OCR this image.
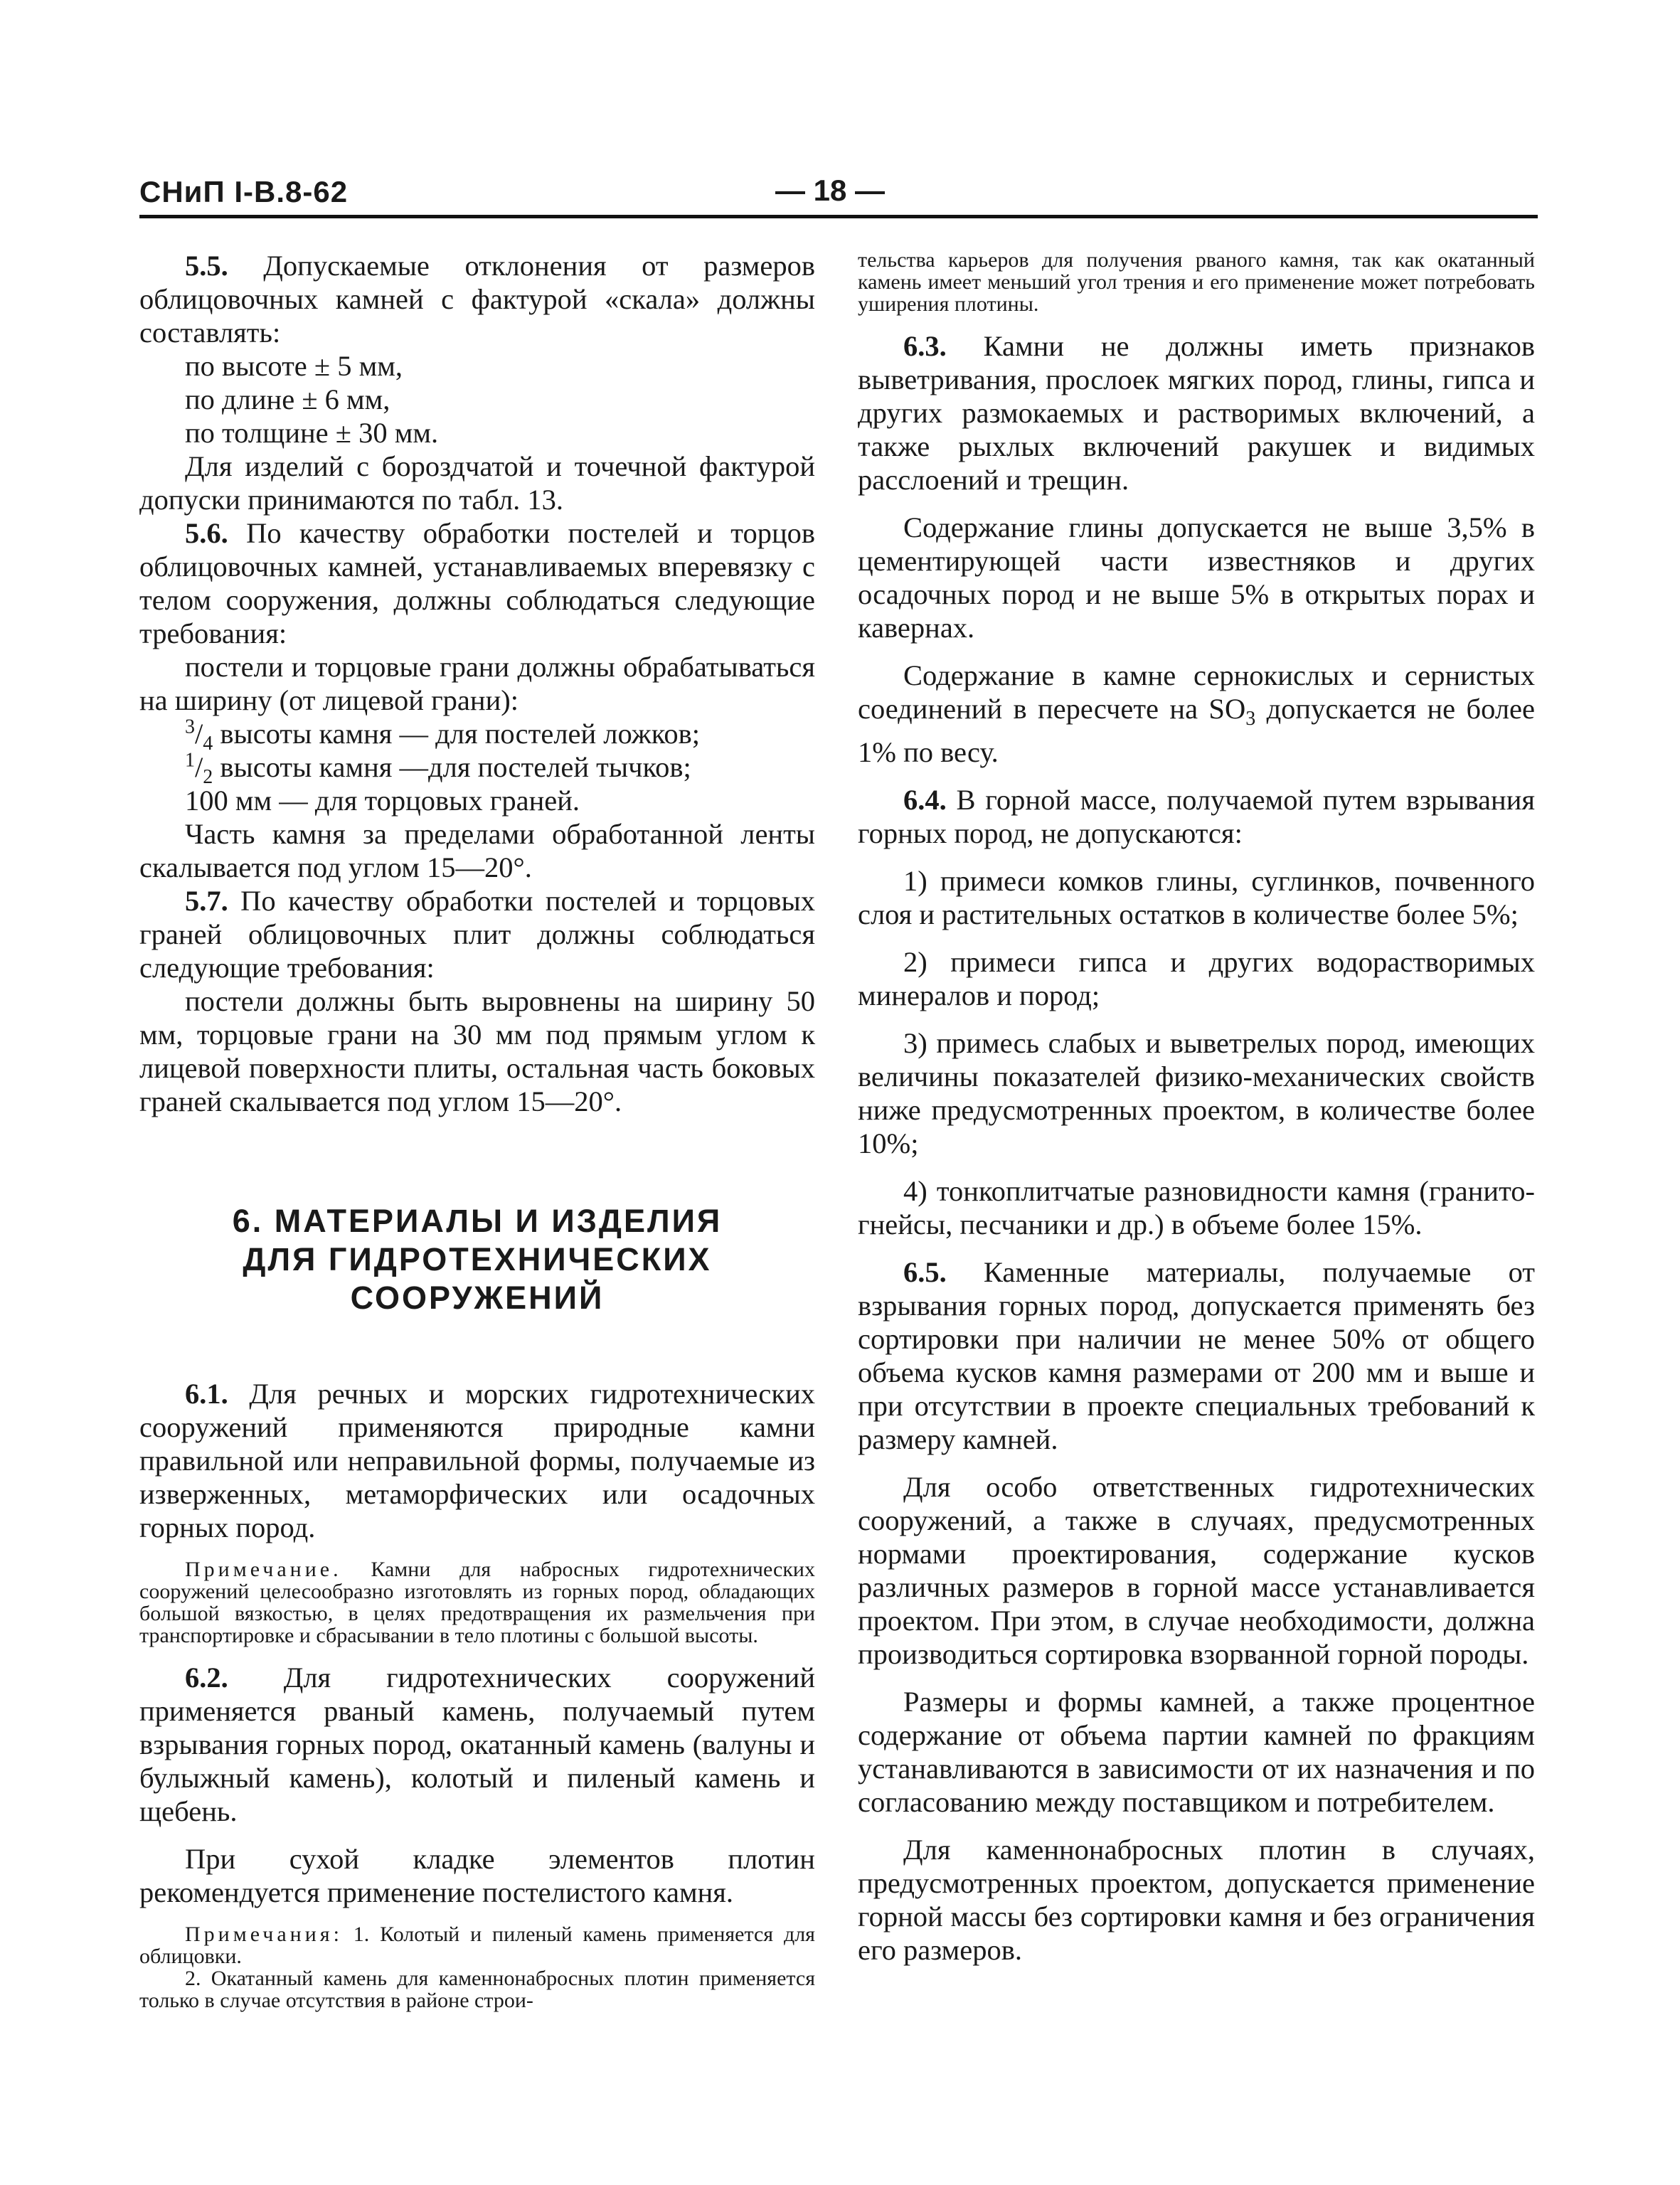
СНиП I-В.8-62	— 18 —

5.5. Допускаемые отклонения от размеров облицовочных камней с фактурой «скала» должны составлять:

по высоте ± 5 мм,

по длине ± 6 мм,

по толщине ± 30 мм.

Для изделий с бороздчатой и точечной фактурой допуски принимаются по табл. 13.

5.6. По качеству обработки постелей и торцов облицовочных камней, устанавливаемых вперевязку с телом сооружения, должны соблюдаться следующие требования:

постели и торцовые грани должны обрабатываться на ширину (от лицевой грани):

$^3/_4$ высоты камня — для постелей ложков;

$^1/_2$ высоты камня —для постелей тычков;

100 мм — для торцовых граней.

Часть камня за пределами обработанной ленты скалывается под углом 15—20°.

5.7. По качеству обработки постелей и торцовых граней облицовочных плит должны соблюдаться следующие требования:

постели должны быть выровнены на ширину 50 мм, торцовые грани на 30 мм под прямым углом к лицевой поверхности плиты, остальная часть боковых граней скалывается под углом 15—20°.

6. МАТЕРИАЛЫ И ИЗДЕЛИЯ

ДЛЯ ГИДРОТЕХНИЧЕСКИХ

СООРУЖЕНИЙ

6.1. Для речных и морских гидротехнических сооружений применяются природные камни правильной или неправильной формы, получаемые из изверженных, метаморфических или осадочных горных пород.

Примечание. Камни для набросных гидротехнических сооружений целесообразно изготовлять из горных пород, обладающих большой вязкостью, в целях предотвращения их размельчения при транспортировке и сбрасывании в тело плотины с большой высоты.

6.2. Для гидротехнических сооружений применяется рваный камень, получаемый путем взрывания горных пород, окатанный камень (валуны и булыжный камень), колотый и пиленый камень и щебень.

При сухой кладке элементов плотин рекомендуется применение постелистого камня.

Примечания: 1. Колотый и пиленый камень применяется для облицовки.

2. Окатанный камень для каменнонабросных плотин применяется только в случае отсутствия в районе строи-

тельства карьеров для получения рваного камня, так как окатанный камень имеет меньший угол трения и его применение может потребовать уширения плотины.

6.3. Камни не должны иметь признаков выветривания, прослоек мягких пород, глины, гипса и других размокаемых и растворимых включений, а также рыхлых включений ракушек и видимых расслоений и трещин.

Содержание глины допускается не выше 3,5% в цементирующей части известняков и других осадочных пород и не выше 5% в открытых порах и кавернах.

Содержание в камне сернокислых и сернистых соединений в пересчете на $SO_3$ допускается не более 1% по весу.

6.4. В горной массе, получаемой путем взрывания горных пород, не допускаются:

1) примеси комков глины, суглинков, почвенного слоя и растительных остатков в количестве более 5%;

2) примеси гипса и других водорастворимых минералов и пород;

3) примесь слабых и выветрелых пород, имеющих величины показателей физико-механических свойств ниже предусмотренных проектом, в количестве более 10%;

4) тонкоплитчатые разновидности камня (гранито-гнейсы, песчаники и др.) в объеме более 15%.

6.5. Каменные материалы, получаемые от взрывания горных пород, допускается применять без сортировки при наличии не менее 50% от общего объема кусков камня размерами от 200 мм и выше и при отсутствии в проекте специальных требований к размеру камней.

Для особо ответственных гидротехнических сооружений, а также в случаях, предусмотренных нормами проектирования, содержание кусков различных размеров в горной массе устанавливается проектом. При этом, в случае необходимости, должна производиться сортировка взорванной горной породы.

Размеры и формы камней, а также процентное содержание от объема партии камней по фракциям устанавливаются в зависимости от их назначения и по согласованию между поставщиком и потребителем.

Для каменнонабросных плотин в случаях, предусмотренных проектом, допускается применение горной массы без сортировки камня и без ограничения его размеров.
